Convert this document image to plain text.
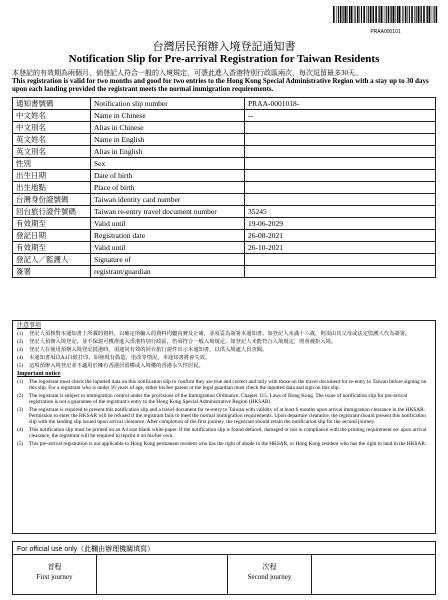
PRAA000101
台灣居民預辦入境登記通知書
Notification Slip for Pre-arrival Registration for Taiwan Residents
本登記的有效期為兩個月，倘登記人符合一般的入境規定，可憑此進入香港特別行政區兩次，每次逗留最多30天。
This registration is valid for two months and good for two entries to the Hong Kong Special Administrative Region with a stay up to 30 days upon each landing provided the registrant meets the normal immigration requirements.
通知書號碼	Notification slip number	PRAA-0001018-
中文姓名	Name in Chinese	--
中文別名	Alias in Chinese	
英文姓名	Name in English	
英文別名	Alias in English	
性別	Sex	
出生日期	Date of birth	
出生地點	Place of birth	
台灣身份證號碼	Taiwan identity card number	
回台旅行證件號碼	Taiwan re-entry travel document number	35245
有效期至	Valid until	19-06-2029
登記日期	Registration date	26-08-2021
有效期至	Valid until	26-10-2021
登記人／監護人	Signature of	
簽署	registrant/guardian	
注意事項
(1)	登記人須核對本通知書上所載的資料，以確定所輸入的資料均屬真實及正確，並須妥為簽署本通知書。如登記人未滿十六歲，則須由其父母或法定監護人代為簽署。
(2)	登記人預辦入境登記，並不保證可獲准進入香港特別行政區，仍須符合一般入境規定。如登記人未能符合入境規定，則會被拒入境。
(3)	登記人在使用預辦入境登記抵港時，須連同有效的回台旅行證件出示本通知書，以供入境處人員查閱。
(4)	本通知書須以A4白紙打印。如發現有偽造、塗改等情況，本通知書將會失效。
(5)	這項預辦入境登記並不適用於擁有香港居留權或入境權的香港永久性居民。
Important notice
(1)	The registrant must check the inputted data on this notification slip to confirm they are true and correct and tally with those on the travel document for re-entry to Taiwan before signing on this slip. For a registrant who is under 16 years of age, either his/her parent or the legal guardian must check the inputted data and sign on this slip.
(2)	The registrant is subject to immigration control under the provisions of the Immigration Ordinance, Chapter 115, Laws of Hong Kong. The issue of notification slip for pre-arrival registration is not a guarantee of the registrant's entry to the Hong Kong Special Administrative Region (HKSAR).
(3)	The registrant is required to present this notification slip and a travel document for re-entry to Taiwan with validity of at least 6 months upon arrival immigration clearance in the HKSAR. Permission to enter the HKSAR will be refused if the registrant fails to meet the normal immigration requirements. Upon departure clearance, the registrant should present this notification slip with the landing slip issued upon arrival clearance. After completion of the first journey, the registrant should retain the notification slip for the second journey.
(4)	This notification slip must be printed on an A4 size blank white paper. If the notification slip is found defaced, damaged or not in compliance with the printing requirement etc upon arrival clearance, the registrant will be required to reprint it on his/her own.
(5)	This pre-arrival registration is not applicable to Hong Kong permanent resident who has the right of abode in the HKSAR, or Hong Kong resident who has the right to land in the HKSAR.
For official use only（此欄由辦理機關填寫）
首程
First journey
次程
Second journey
